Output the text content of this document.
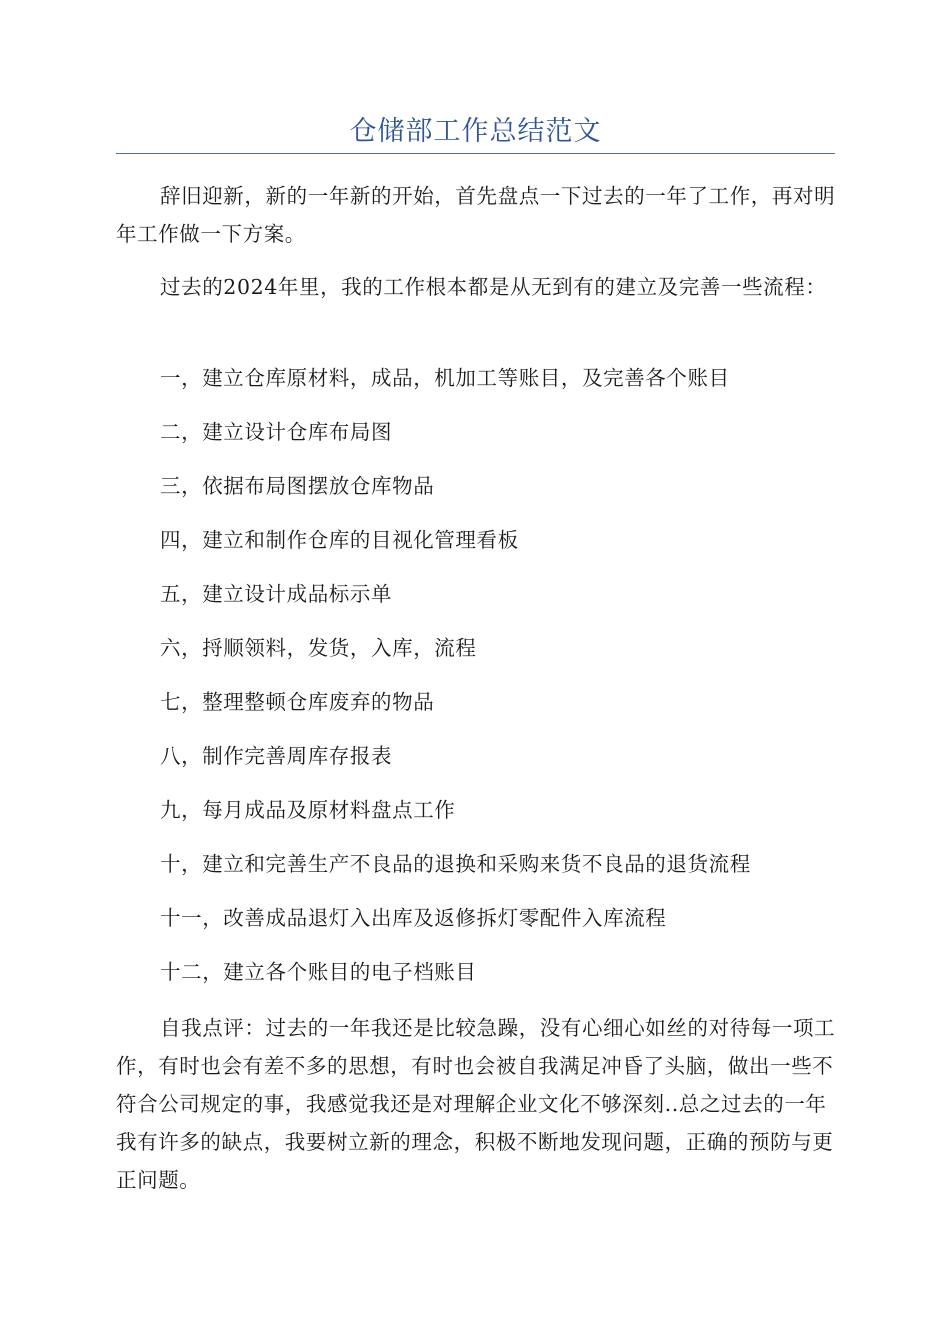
仓储部工作总结范文

辞旧迎新，新的一年新的开始，首先盘点一下过去的一年了工作，再对明年工作做一下方案。

过去的2024年里，我的工作根本都是从无到有的建立及完善一些流程：

一，建立仓库原材料，成品，机加工等账目，及完善各个账目

二，建立设计仓库布局图

三，依据布局图摆放仓库物品

四，建立和制作仓库的目视化管理看板

五，建立设计成品标示单

六，捋顺领料，发货，入库，流程

七，整理整顿仓库废弃的物品

八，制作完善周库存报表

九，每月成品及原材料盘点工作

十，建立和完善生产不良品的退换和采购来货不良品的退货流程

十一，改善成品退灯入出库及返修拆灯零配件入库流程

十二，建立各个账目的电子档账目

自我点评：过去的一年我还是比较急躁，没有心细心如丝的对待每一项工作，有时也会有差不多的思想，有时也会被自我满足冲昏了头脑，做出一些不符合公司规定的事，我感觉我还是对理解企业文化不够深刻..总之过去的一年我有许多的缺点，我要树立新的理念，积极不断地发现问题，正确的预防与更正问题。
